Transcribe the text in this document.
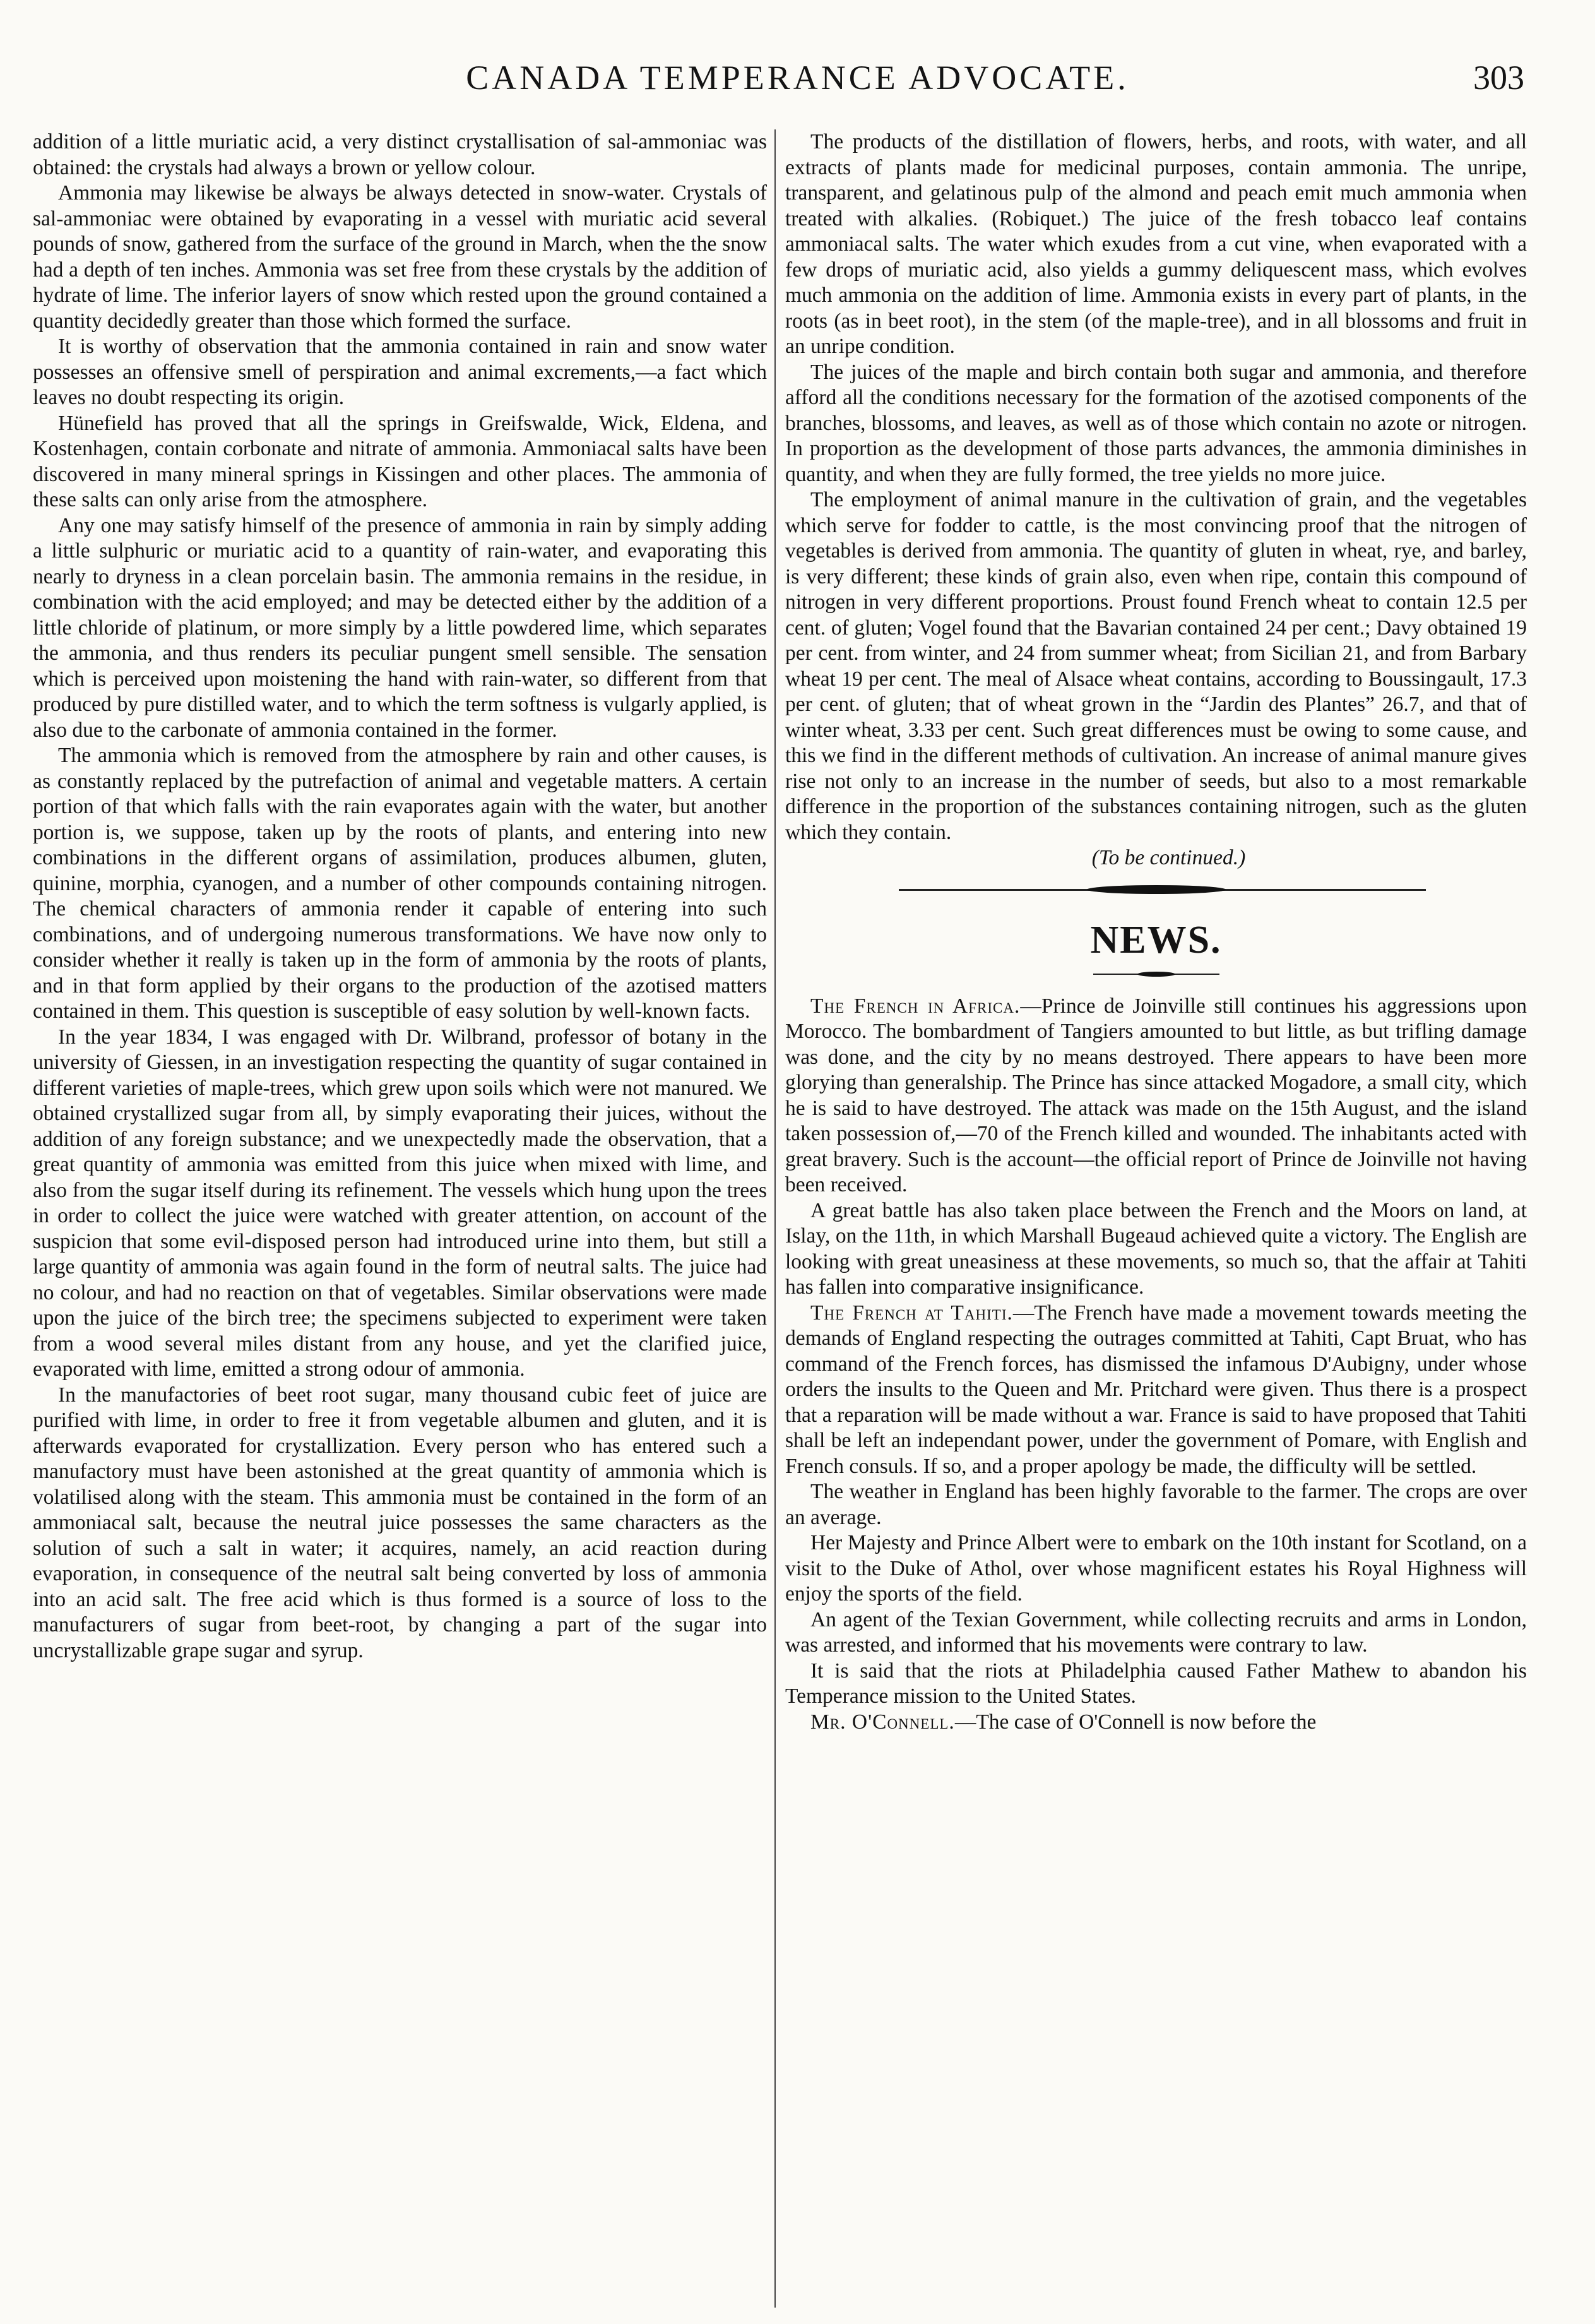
CANADA TEMPERANCE ADVOCATE.	303

addition of a little muriatic acid, a very distinct crystallisation of sal-ammoniac was obtained: the crystals had always a brown or yellow colour.

Ammonia may likewise be always be always detected in snow-water. Crystals of sal-ammoniac were obtained by evaporating in a vessel with muriatic acid several pounds of snow, gathered from the surface of the ground in March, when the the snow had a depth of ten inches. Ammonia was set free from these crystals by the addition of hydrate of lime. The inferior layers of snow which rested upon the ground contained a quantity decidedly greater than those which formed the surface.

It is worthy of observation that the ammonia contained in rain and snow water possesses an offensive smell of perspiration and animal excrements,—a fact which leaves no doubt respecting its origin.

Hünefield has proved that all the springs in Greifswalde, Wick, Eldena, and Kostenhagen, contain corbonate and nitrate of ammonia. Ammoniacal salts have been discovered in many mineral springs in Kissingen and other places. The ammonia of these salts can only arise from the atmosphere.

Any one may satisfy himself of the presence of ammonia in rain by simply adding a little sulphuric or muriatic acid to a quantity of rain-water, and evaporating this nearly to dryness in a clean porcelain basin. The ammonia remains in the residue, in combination with the acid employed; and may be detected either by the addition of a little chloride of platinum, or more simply by a little powdered lime, which separates the ammonia, and thus renders its peculiar pungent smell sensible. The sensation which is perceived upon moistening the hand with rain-water, so different from that produced by pure distilled water, and to which the term softness is vulgarly applied, is also due to the carbonate of ammonia contained in the former.

The ammonia which is removed from the atmosphere by rain and other causes, is as constantly replaced by the putrefaction of animal and vegetable matters. A certain portion of that which falls with the rain evaporates again with the water, but another portion is, we suppose, taken up by the roots of plants, and entering into new combinations in the different organs of assimilation, produces albumen, gluten, quinine, morphia, cyanogen, and a number of other compounds containing nitrogen. The chemical characters of ammonia render it capable of entering into such combinations, and of undergoing numerous transformations. We have now only to consider whether it really is taken up in the form of ammonia by the roots of plants, and in that form applied by their organs to the production of the azotised matters contained in them. This question is susceptible of easy solution by well-known facts.

In the year 1834, I was engaged with Dr. Wilbrand, professor of botany in the university of Giessen, in an investigation respecting the quantity of sugar contained in different varieties of maple-trees, which grew upon soils which were not manured. We obtained crystallized sugar from all, by simply evaporating their juices, without the addition of any foreign substance; and we unexpectedly made the observation, that a great quantity of ammonia was emitted from this juice when mixed with lime, and also from the sugar itself during its refinement. The vessels which hung upon the trees in order to collect the juice were watched with greater attention, on account of the suspicion that some evil-disposed person had introduced urine into them, but still a large quantity of ammonia was again found in the form of neutral salts. The juice had no colour, and had no reaction on that of vegetables. Similar observations were made upon the juice of the birch tree; the specimens subjected to experiment were taken from a wood several miles distant from any house, and yet the clarified juice, evaporated with lime, emitted a strong odour of ammonia.

In the manufactories of beet root sugar, many thousand cubic feet of juice are purified with lime, in order to free it from vegetable albumen and gluten, and it is afterwards evaporated for crystallization. Every person who has entered such a manufactory must have been astonished at the great quantity of ammonia which is volatilised along with the steam. This ammonia must be contained in the form of an ammoniacal salt, because the neutral juice possesses the same characters as the solution of such a salt in water; it acquires, namely, an acid reaction during evaporation, in consequence of the neutral salt being converted by loss of ammonia into an acid salt. The free acid which is thus formed is a source of loss to the manufacturers of sugar from beet-root, by changing a part of the sugar into uncrystallizable grape sugar and syrup.

The products of the distillation of flowers, herbs, and roots, with water, and all extracts of plants made for medicinal purposes, contain ammonia. The unripe, transparent, and gelatinous pulp of the almond and peach emit much ammonia when treated with alkalies. (Robiquet.) The juice of the fresh tobacco leaf contains ammoniacal salts. The water which exudes from a cut vine, when evaporated with a few drops of muriatic acid, also yields a gummy deliquescent mass, which evolves much ammonia on the addition of lime. Ammonia exists in every part of plants, in the roots (as in beet root), in the stem (of the maple-tree), and in all blossoms and fruit in an unripe condition.

The juices of the maple and birch contain both sugar and ammonia, and therefore afford all the conditions necessary for the formation of the azotised components of the branches, blossoms, and leaves, as well as of those which contain no azote or nitrogen. In proportion as the development of those parts advances, the ammonia diminishes in quantity, and when they are fully formed, the tree yields no more juice.

The employment of animal manure in the cultivation of grain, and the vegetables which serve for fodder to cattle, is the most convincing proof that the nitrogen of vegetables is derived from ammonia. The quantity of gluten in wheat, rye, and barley, is very different; these kinds of grain also, even when ripe, contain this compound of nitrogen in very different proportions. Proust found French wheat to contain 12.5 per cent. of gluten; Vogel found that the Bavarian contained 24 per cent.; Davy obtained 19 per cent. from winter, and 24 from summer wheat; from Sicilian 21, and from Barbary wheat 19 per cent. The meal of Alsace wheat contains, according to Boussingault, 17.3 per cent. of gluten; that of wheat grown in the “Jardin des Plantes” 26.7, and that of winter wheat, 3.33 per cent. Such great differences must be owing to some cause, and this we find in the different methods of cultivation. An increase of animal manure gives rise not only to an increase in the number of seeds, but also to a most remarkable difference in the proportion of the substances containing nitrogen, such as the gluten which they contain.

(To be continued.)

NEWS.

The French in Africa.—Prince de Joinville still continues his aggressions upon Morocco. The bombardment of Tangiers amounted to but little, as but trifling damage was done, and the city by no means destroyed. There appears to have been more glorying than generalship. The Prince has since attacked Mogadore, a small city, which he is said to have destroyed. The attack was made on the 15th August, and the island taken possession of,—70 of the French killed and wounded. The inhabitants acted with great bravery. Such is the account—the official report of Prince de Joinville not having been received.

A great battle has also taken place between the French and the Moors on land, at Islay, on the 11th, in which Marshall Bugeaud achieved quite a victory. The English are looking with great uneasiness at these movements, so much so, that the affair at Tahiti has fallen into comparative insignificance.

The French at Tahiti.—The French have made a movement towards meeting the demands of England respecting the outrages committed at Tahiti, Capt Bruat, who has command of the French forces, has dismissed the infamous D'Aubigny, under whose orders the insults to the Queen and Mr. Pritchard were given. Thus there is a prospect that a reparation will be made without a war. France is said to have proposed that Tahiti shall be left an independant power, under the government of Pomare, with English and French consuls. If so, and a proper apology be made, the difficulty will be settled.

The weather in England has been highly favorable to the farmer. The crops are over an average.

Her Majesty and Prince Albert were to embark on the 10th instant for Scotland, on a visit to the Duke of Athol, over whose magnificent estates his Royal Highness will enjoy the sports of the field.

An agent of the Texian Government, while collecting recruits and arms in London, was arrested, and informed that his movements were contrary to law.

It is said that the riots at Philadelphia caused Father Mathew to abandon his Temperance mission to the United States.

Mr. O'Connell.—The case of O'Connell is now before the
